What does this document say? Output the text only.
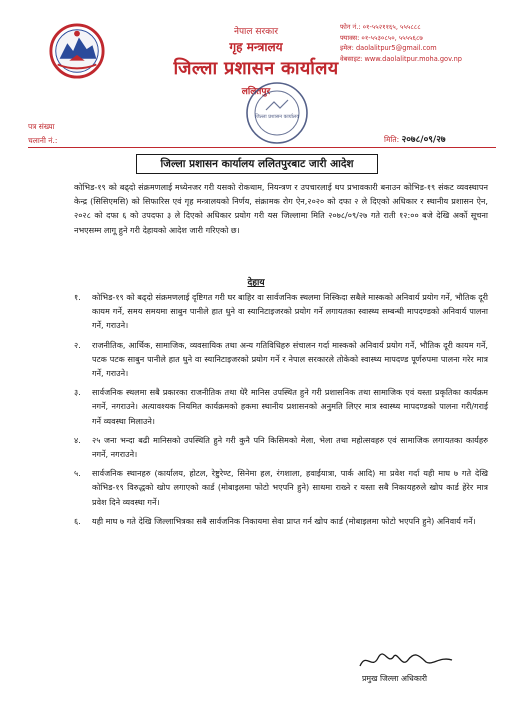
नेपाल सरकार
गृह मन्त्रालय
जिल्ला प्रशासन कार्यालय
ललितपुर
फोन नं.: ०१-५५२११६५, ५५५८८८
फ्याक्स: ०१-५५३०८५०, ५५५५६८७
इमेल: daolalitpur5@gmail.com
वेबसाइट: www.daolalitpur.moha.gov.np
जिल्ला प्रशासन कार्यालय
पत्र संख्या
चलानी नं.:	मिति: २०७८/०९/२७
जिल्ला प्रशासन कार्यालय ललितपुरबाट जारी आदेश
कोभिड-१९ को बढ्दो संक्रमणलाई मध्येनजर गरी यसको रोकथाम, नियन्त्रण र उपचारलाई थप प्रभावकारी बनाउन कोभिड-१९ संकट व्यवस्थापन केन्द्र (सिसिएमसि) को सिफारिस एवं गृह मन्त्रालयको निर्णय, संक्रामक रोग ऐन,२०२० को दफा २ ले दिएको अधिकार र स्थानीय प्रशासन ऐन, २०२८ को दफा ६ को उपदफा ३ ले दिएको अधिकार प्रयोग गरी यस जिल्लामा मिति २०७८/०९/२७ गते राती १२:०० बजे देखि अर्को सूचना नभएसम्म लागू हुने गरी देहायको आदेश जारी गरिएको छ।
देहाय
१. कोभिड-१९ को बढ्दो संक्रमणलाई दृष्टिगत गरी घर बाहिर वा सार्वजनिक स्थलमा निस्किदा सबैले मास्कको अनिवार्य प्रयोग गर्ने, भौतिक दूरी कायम गर्ने, समय समयमा साबुन पानीले हात धुने वा स्यानिटाइजरको प्रयोग गर्ने लगायतका स्वास्थ्य सम्बन्धी मापदण्डको अनिवार्य पालना गर्ने, गराउने।
२. राजनीतिक, आर्थिक, सामाजिक, व्यवसायिक तथा अन्य गतिविधिहरु संचालन गर्दा मास्कको अनिवार्य प्रयोग गर्ने, भौतिक दूरी कायम गर्ने, पटक पटक साबुन पानीले हात धुने वा स्यानिटाइजरको प्रयोग गर्ने र नेपाल सरकारले तोकेको स्वास्थ्य मापदण्ड पूर्णरुपमा पालना गरेर मात्र गर्ने, गराउने।
३. सार्वजनिक स्थलमा सबै प्रकारका राजनीतिक तथा धेरै मानिस उपस्थित हुने गरी प्रशासनिक तथा सामाजिक एवं यस्ता प्रकृतिका कार्यक्रम नगर्ने, नगराउने। अत्यावश्यक नियमित कार्यक्रमको हकमा स्थानीय प्रशासनको अनुमति लिएर मात्र स्वास्थ्य मापदण्डको पालना गरी/गराई गर्ने व्यवस्था मिलाउने।
४. २५ जना भन्दा बढी मानिसको उपस्थिति हुने गरी कुनै पनि किसिमको मेला, भेला तथा महोत्सवहरु एवं सामाजिक लगायतका कार्यहरु नगर्ने, नगराउने।
५. सार्वजनिक स्थानहरु (कार्यालय, होटल, रेष्टुरेण्ट, सिनेमा हल, रंगशाला, हवाईयात्रा, पार्क आदि) मा प्रवेश गर्दा यही माघ ७ गते देखि कोभिड-१९ विरुद्धको खोप लगाएको कार्ड (मोबाइलमा फोटो भएपनि हुने) साथमा राख्ने र यस्ता सबै निकायहरुले खोप कार्ड हेरेर मात्र प्रवेश दिने व्यवस्था गर्ने।
६. यही माघ ७ गते देखि जिल्लाभित्रका सबै सार्वजनिक निकायमा सेवा प्राप्त गर्न खोप कार्ड (मोबाइलमा फोटो भएपनि हुने) अनिवार्य गर्ने।
प्रमुख जिल्ला अधिकारी
